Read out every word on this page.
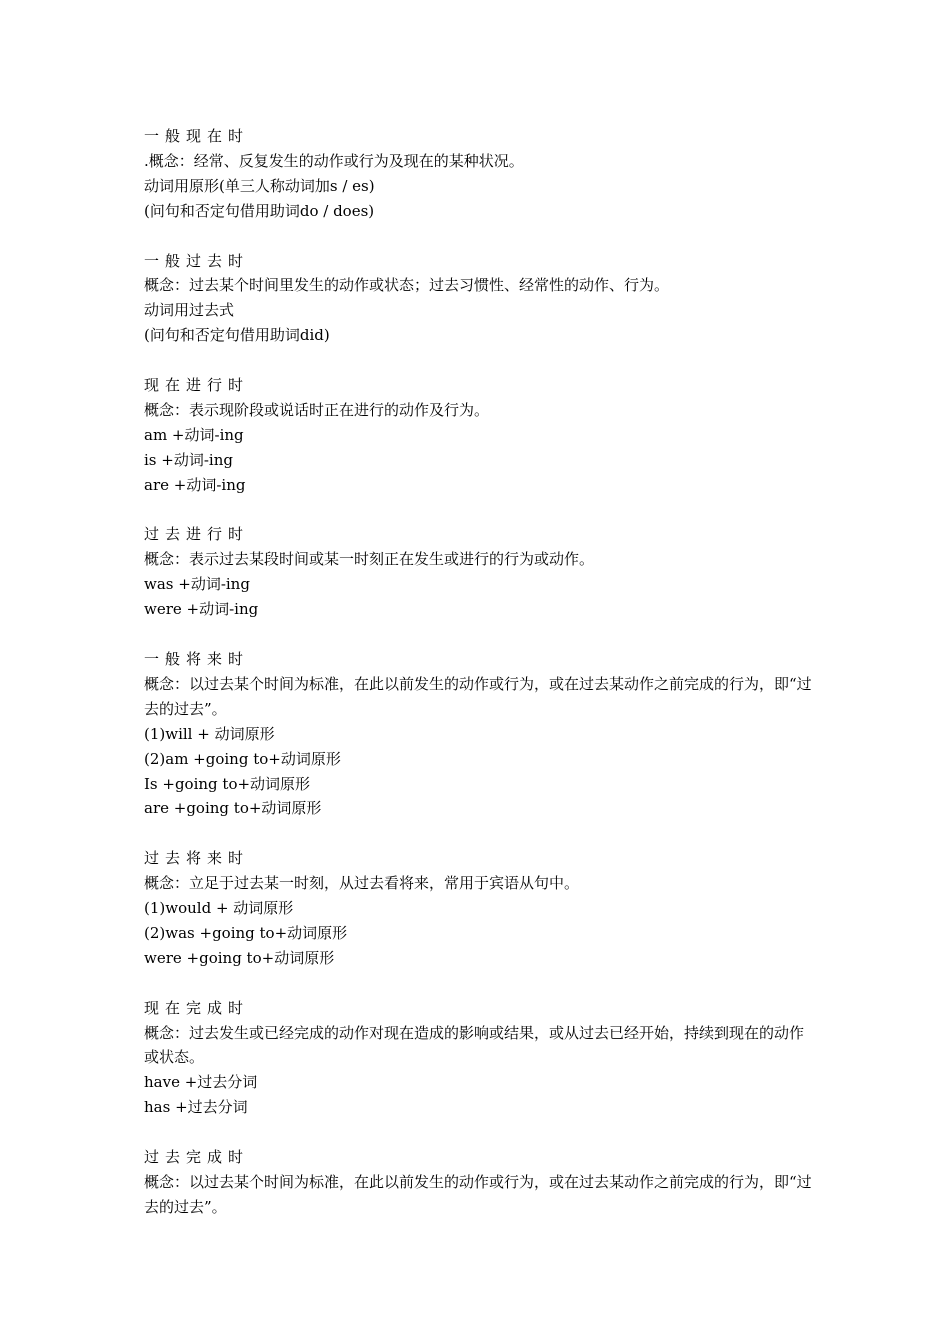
一般现在时
.概念：经常、反复发生的动作或行为及现在的某种状况。
动词用原形(单三人称动词加s / es)
(问句和否定句借用助词do / does)
一般过去时
概念：过去某个时间里发生的动作或状态；过去习惯性、经常性的动作、行为。
动词用过去式
(问句和否定句借用助词did)
现在进行时
概念：表示现阶段或说话时正在进行的动作及行为。
am +动词-ing
is +动词-ing
are +动词-ing
过去进行时
概念：表示过去某段时间或某一时刻正在发生或进行的行为或动作。
was +动词-ing
were +动词-ing
一般将来时
概念：以过去某个时间为标准，在此以前发生的动作或行为，或在过去某动作之前完成的行为，即“过去的过去”。
(1)will + 动词原形
(2)am +going to+动词原形
Is +going to+动词原形
are +going to+动词原形
过去将来时
概念：立足于过去某一时刻，从过去看将来，常用于宾语从句中。
(1)would + 动词原形
(2)was +going to+动词原形
were +going to+动词原形
现在完成时
概念：过去发生或已经完成的动作对现在造成的影响或结果，或从过去已经开始，持续到现在的动作或状态。
have +过去分词
has +过去分词
过去完成时
概念：以过去某个时间为标准，在此以前发生的动作或行为，或在过去某动作之前完成的行为，即“过去的过去”。
